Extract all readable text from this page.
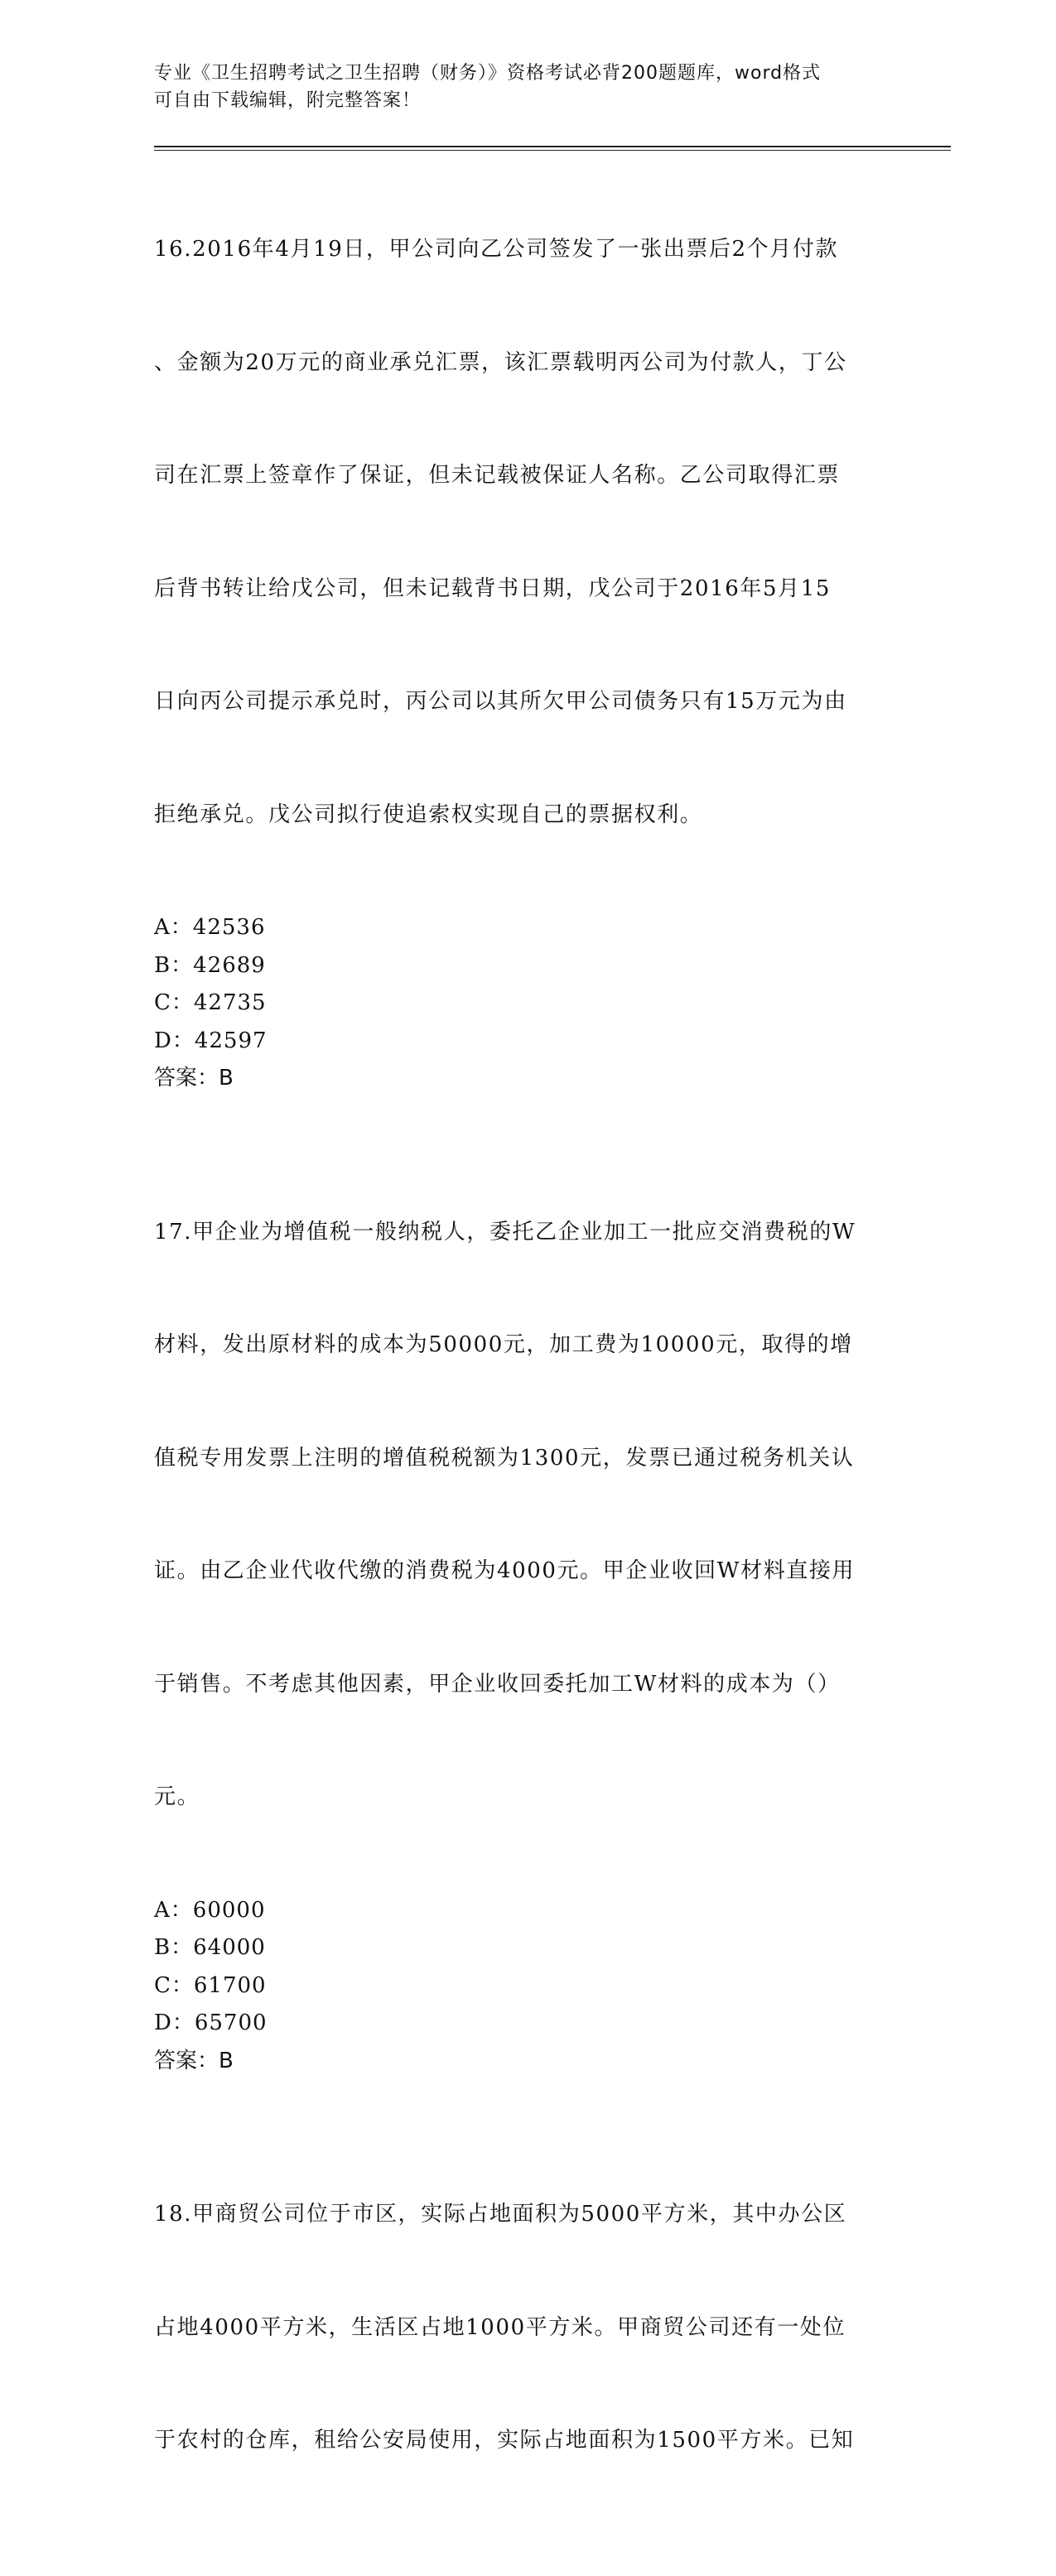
专业《卫生招聘考试之卫生招聘（财务）》资格考试必背200题题库，word格式
可自由下载编辑，附完整答案！

16.2016年4月19日，甲公司向乙公司签发了一张出票后2个月付款

、金额为20万元的商业承兑汇票，该汇票载明丙公司为付款人，丁公

司在汇票上签章作了保证，但未记载被保证人名称。乙公司取得汇票

后背书转让给戊公司，但未记载背书日期，戊公司于2016年5月15

日向丙公司提示承兑时，丙公司以其所欠甲公司债务只有15万元为由

拒绝承兑。戊公司拟行使追索权实现自己的票据权利。

A：42536
B：42689
C：42735
D：42597
答案：B

17.甲企业为增值税一般纳税人，委托乙企业加工一批应交消费税的W

材料，发出原材料的成本为50000元，加工费为10000元，取得的增

值税专用发票上注明的增值税税额为1300元，发票已通过税务机关认

证。由乙企业代收代缴的消费税为4000元。甲企业收回W材料直接用

于销售。不考虑其他因素，甲企业收回委托加工W材料的成本为（）

元。

A：60000
B：64000
C：61700
D：65700
答案：B

18.甲商贸公司位于市区，实际占地面积为5000平方米，其中办公区

占地4000平方米，生活区占地1000平方米。甲商贸公司还有一处位

于农村的仓库，租给公安局使用，实际占地面积为1500平方米。已知
